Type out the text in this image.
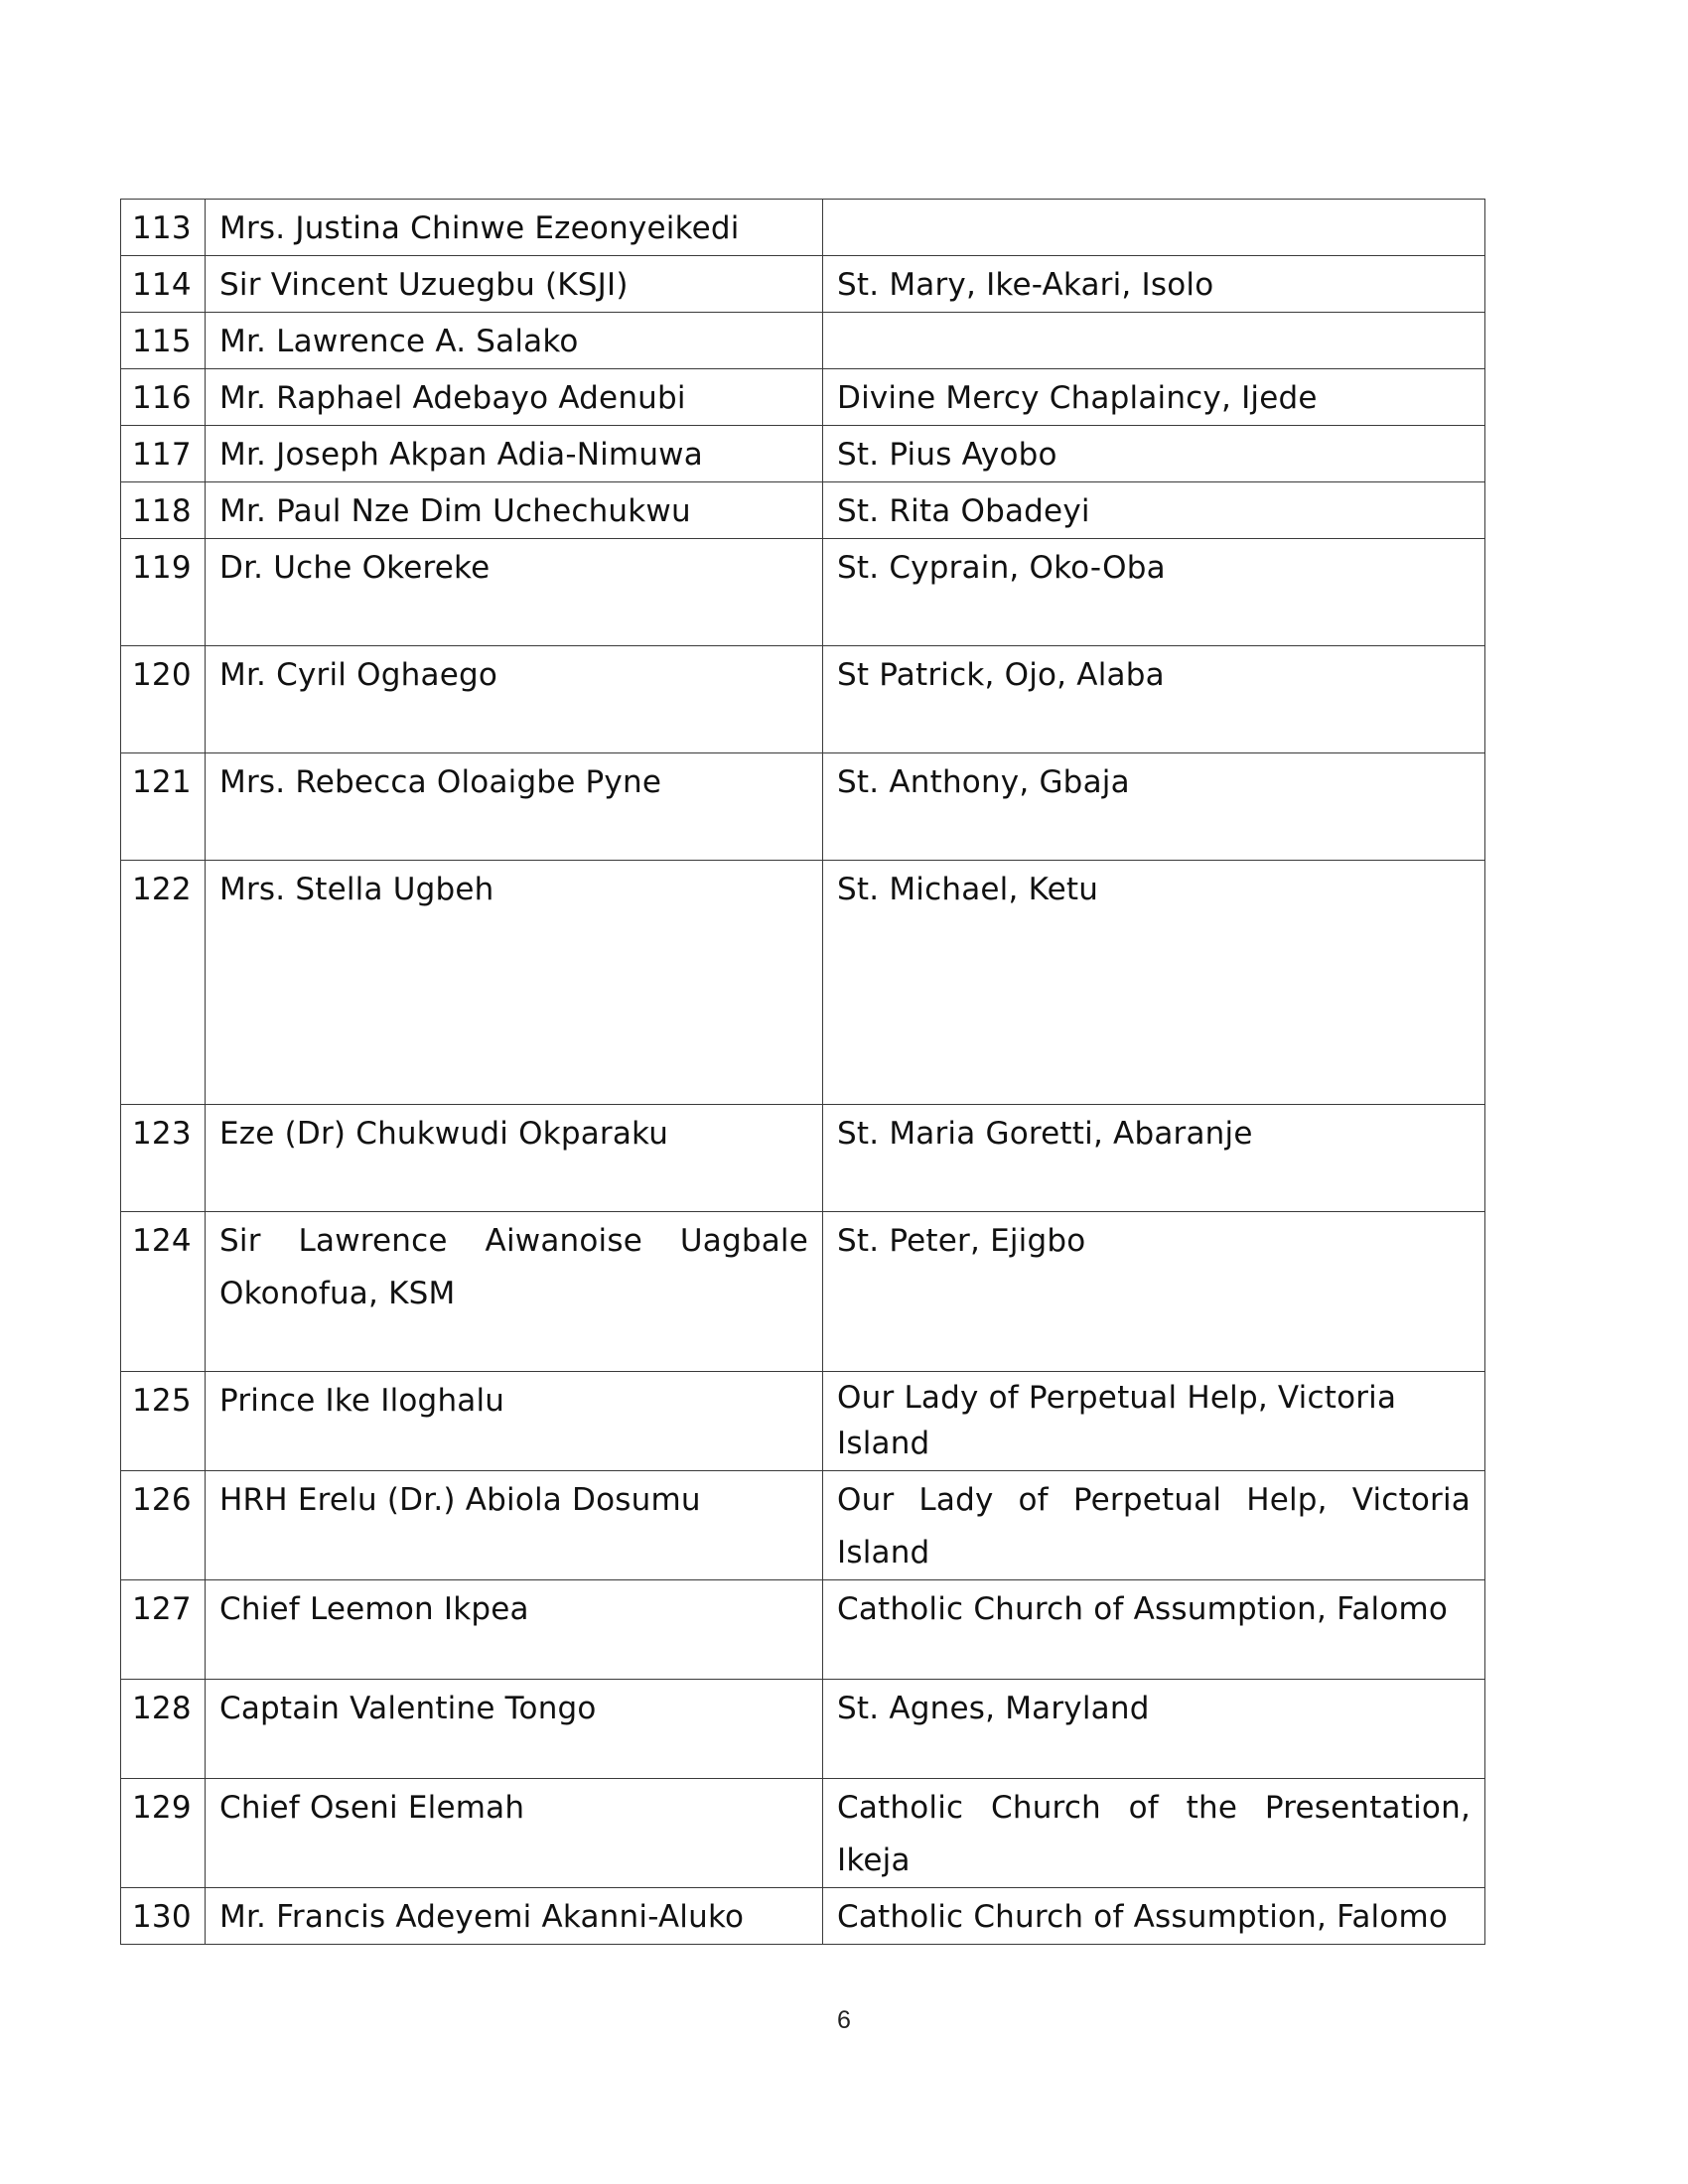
113	Mrs. Justina Chinwe Ezeonyeikedi	
114	Sir Vincent Uzuegbu (KSJI)	St. Mary, Ike-Akari, Isolo
115	Mr. Lawrence A. Salako	
116	Mr. Raphael Adebayo Adenubi	Divine Mercy Chaplaincy, Ijede
117	Mr. Joseph Akpan Adia-Nimuwa	St. Pius Ayobo
118	Mr. Paul Nze Dim Uchechukwu	St. Rita Obadeyi
119	Dr. Uche Okereke	St. Cyprain, Oko-Oba
120	Mr. Cyril Oghaego	St Patrick, Ojo, Alaba
121	Mrs. Rebecca Oloaigbe Pyne	St. Anthony, Gbaja
122	Mrs. Stella Ugbeh	St. Michael, Ketu
123	Eze (Dr) Chukwudi Okparaku	St. Maria Goretti, Abaranje
124	Sir Lawrence Aiwanoise Uagbale Okonofua, KSM	St. Peter, Ejigbo
125	Prince Ike Iloghalu	Our Lady of Perpetual Help, Victoria Island
126	HRH Erelu (Dr.) Abiola Dosumu	Our Lady of Perpetual Help, Victoria Island
127	Chief Leemon Ikpea	Catholic Church of Assumption, Falomo
128	Captain Valentine Tongo	St. Agnes, Maryland
129	Chief Oseni Elemah	Catholic Church of the Presentation, Ikeja
130	Mr. Francis Adeyemi Akanni-Aluko	Catholic Church of Assumption, Falomo
6
